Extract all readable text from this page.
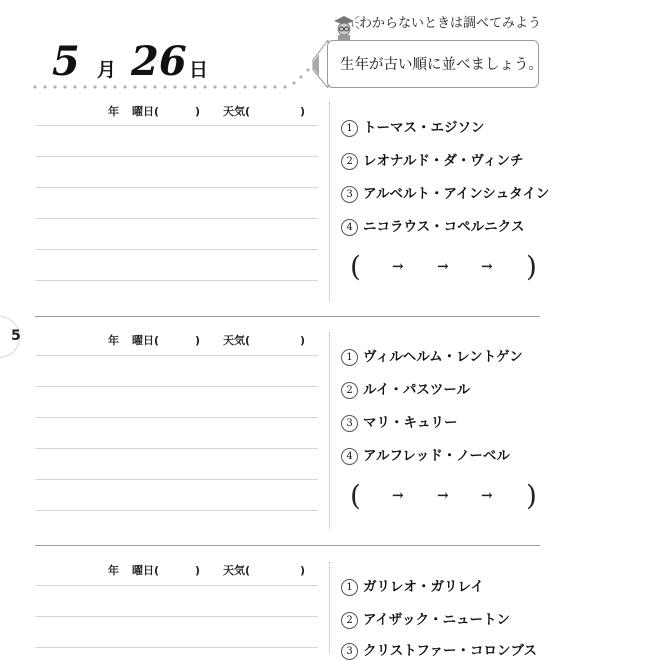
5 月 26 日
わからないときは調べてみよう
生年が古い順に並べましょう。
5
年 曜日(	) 天気(	)
1 トーマス・エジソン
2 レオナルド・ダ・ヴィンチ
3 アルベルト・アインシュタイン
4 ニコラウス・コペルニクス
( → → → )
年 曜日(	) 天気(	)
1 ヴィルヘルム・レントゲン
2 ルイ・パスツール
3 マリ・キュリー
4 アルフレッド・ノーベル
( → → → )
年 曜日(	) 天気(	)
1 ガリレオ・ガリレイ
2 アイザック・ニュートン
3 クリストファー・コロンブス
